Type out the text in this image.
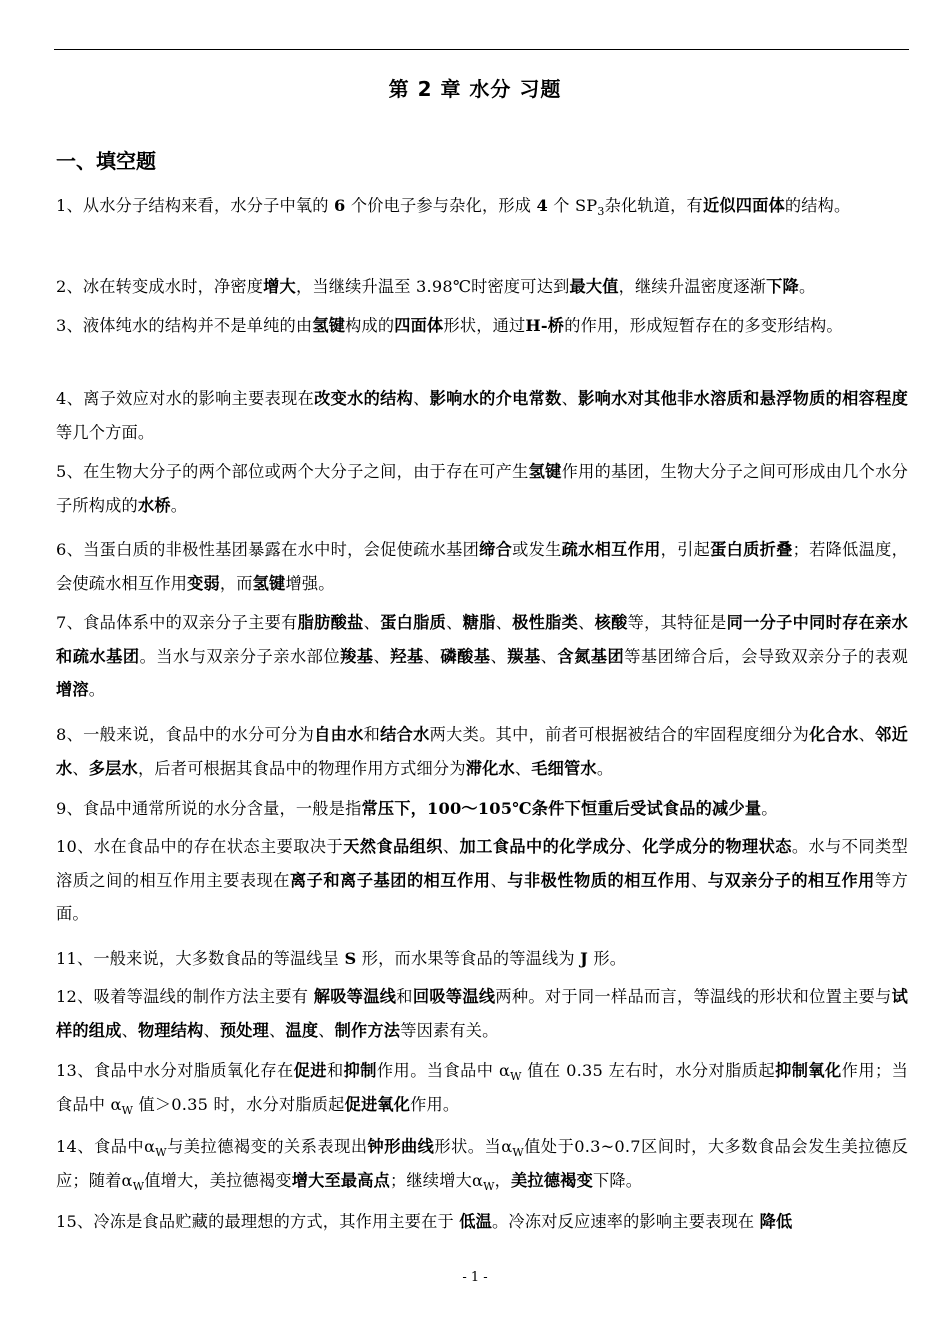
第 2 章 水分 习题
一、填空题
1、从水分子结构来看，水分子中氧的 6 个价电子参与杂化，形成 4 个 $SP_3$杂化轨道，有近似四面体的结构。
2、冰在转变成水时，净密度增大，当继续升温至 3.98℃时密度可达到最大值，继续升温密度逐渐下降。
3、液体纯水的结构并不是单纯的由氢键构成的四面体形状，通过H-桥的作用，形成短暂存在的多变形结构。
4、离子效应对水的影响主要表现在改变水的结构、影响水的介电常数、影响水对其他非水溶质和悬浮物质的相容程度等几个方面。
5、在生物大分子的两个部位或两个大分子之间，由于存在可产生氢键作用的基团，生物大分子之间可形成由几个水分子所构成的水桥。
6、当蛋白质的非极性基团暴露在水中时，会促使疏水基团缔合或发生疏水相互作用，引起蛋白质折叠；若降低温度，会使疏水相互作用变弱，而氢键增强。
7、食品体系中的双亲分子主要有脂肪酸盐、蛋白脂质、糖脂、极性脂类、核酸等，其特征是同一分子中同时存在亲水和疏水基团。当水与双亲分子亲水部位羧基、羟基、磷酸基、羰基、含氮基团等基团缔合后，会导致双亲分子的表观增溶。
8、一般来说，食品中的水分可分为自由水和结合水两大类。其中，前者可根据被结合的牢固程度细分为化合水、邻近水、多层水，后者可根据其食品中的物理作用方式细分为滞化水、毛细管水。
9、食品中通常所说的水分含量，一般是指常压下，100～105℃条件下恒重后受试食品的减少量。
10、水在食品中的存在状态主要取决于天然食品组织、加工食品中的化学成分、化学成分的物理状态。水与不同类型溶质之间的相互作用主要表现在离子和离子基团的相互作用、与非极性物质的相互作用、与双亲分子的相互作用等方面。
11、一般来说，大多数食品的等温线呈 S 形，而水果等食品的等温线为 J 形。
12、吸着等温线的制作方法主要有 解吸等温线和回吸等温线两种。对于同一样品而言，等温线的形状和位置主要与试样的组成、物理结构、预处理、温度、制作方法等因素有关。
13、食品中水分对脂质氧化存在促进和抑制作用。当食品中 $\alpha_W$ 值在 0.35 左右时，水分对脂质起抑制氧化作用；当食品中 $\alpha_W$ 值＞0.35 时，水分对脂质起促进氧化作用。
14、食品中$\alpha_W$与美拉德褐变的关系表现出钟形曲线形状。当$\alpha_W$值处于0.3~0.7区间时，大多数食品会发生美拉德反应；随着$\alpha_W$值增大，美拉德褐变增大至最高点；继续增大$\alpha_W$，美拉德褐变下降。
15、冷冻是食品贮藏的最理想的方式，其作用主要在于 低温。冷冻对反应速率的影响主要表现在 降低
- 1 -
